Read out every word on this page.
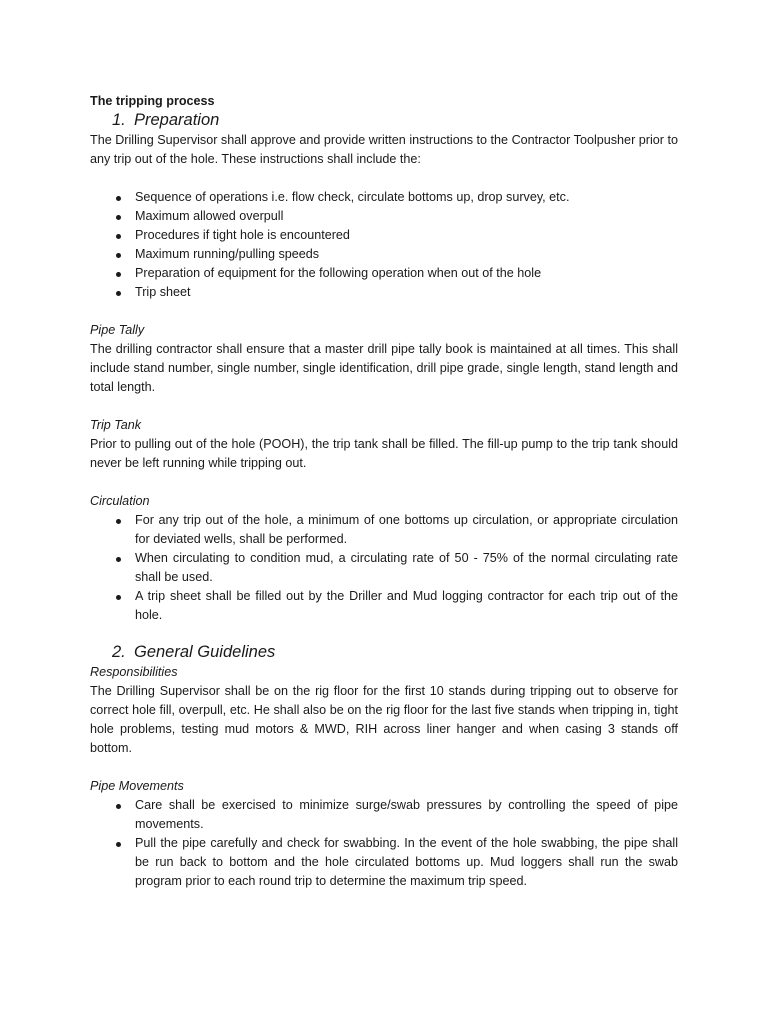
The tripping process
1. Preparation

The Drilling Supervisor shall approve and provide written instructions to the Contractor Toolpusher prior to any trip out of the hole. These instructions shall include the:

Sequence of operations i.e. flow check, circulate bottoms up, drop survey, etc.
Maximum allowed overpull
Procedures if tight hole is encountered
Maximum running/pulling speeds
Preparation of equipment for the following operation when out of the hole
Trip sheet
Pipe Tally

The drilling contractor shall ensure that a master drill pipe tally book is maintained at all times. This shall include stand number, single number, single identification, drill pipe grade, single length, stand length and total length.

Trip Tank

Prior to pulling out of the hole (POOH), the trip tank shall be filled. The fill-up pump to the trip tank should never be left running while tripping out.

Circulation
For any trip out of the hole, a minimum of one bottoms up circulation, or appropriate circulation for deviated wells, shall be performed.
When circulating to condition mud, a circulating rate of 50 - 75% of the normal circulating rate shall be used.
A trip sheet shall be filled out by the Driller and Mud logging contractor for each trip out of the hole.
2. General Guidelines
Responsibilities

The Drilling Supervisor shall be on the rig floor for the first 10 stands during tripping out to observe for correct hole fill, overpull, etc. He shall also be on the rig floor for the last five stands when tripping in, tight hole problems, testing mud motors & MWD, RIH across liner hanger and when casing 3 stands off bottom.

Pipe Movements
Care shall be exercised to minimize surge/swab pressures by controlling the speed of pipe movements.
Pull the pipe carefully and check for swabbing. In the event of the hole swabbing, the pipe shall be run back to bottom and the hole circulated bottoms up. Mud loggers shall run the swab program prior to each round trip to determine the maximum trip speed.
